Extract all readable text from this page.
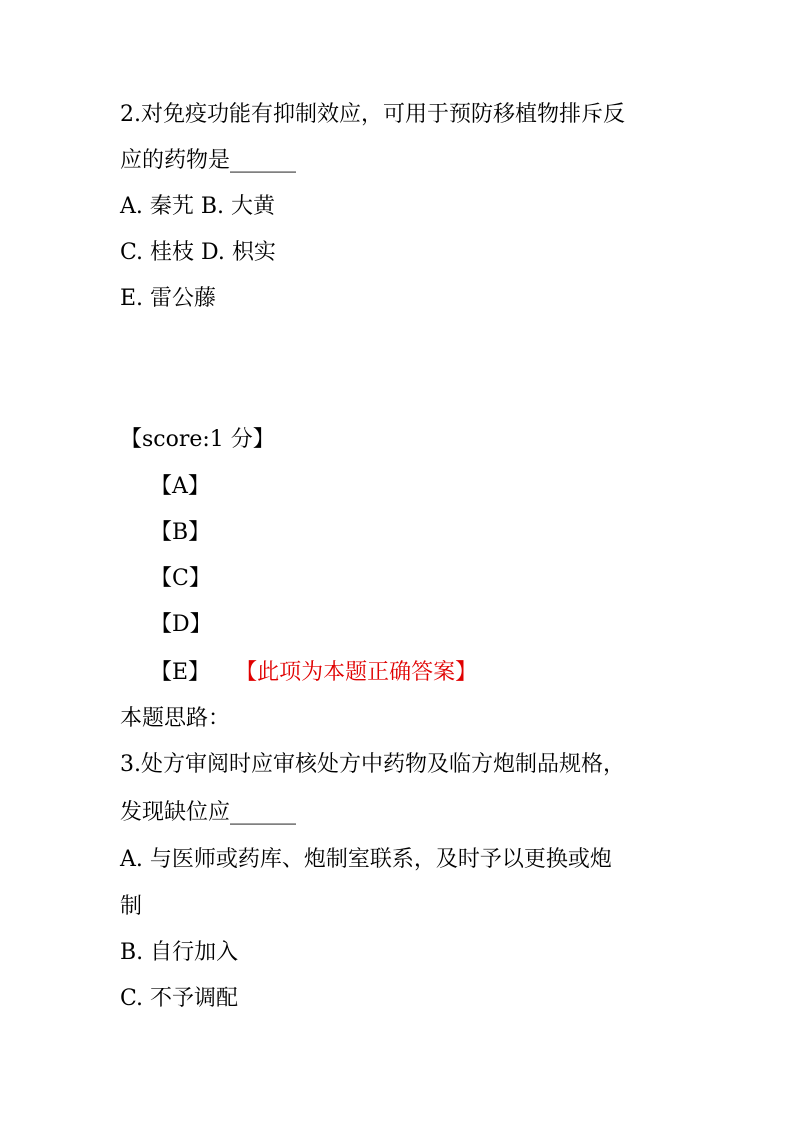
2.对免疫功能有抑制效应，可用于预防移植物排斥反
应的药物是______
A. 秦艽 B. 大黄
C. 桂枝 D. 枳实
E. 雷公藤
【score:1 分】
【A】
【B】
【C】
【D】
【E】 【此项为本题正确答案】
本题思路：
3.处方审阅时应审核处方中药物及临方炮制品规格，
发现缺位应______
A. 与医师或药库、炮制室联系，及时予以更换或炮
制
B. 自行加入
C. 不予调配
